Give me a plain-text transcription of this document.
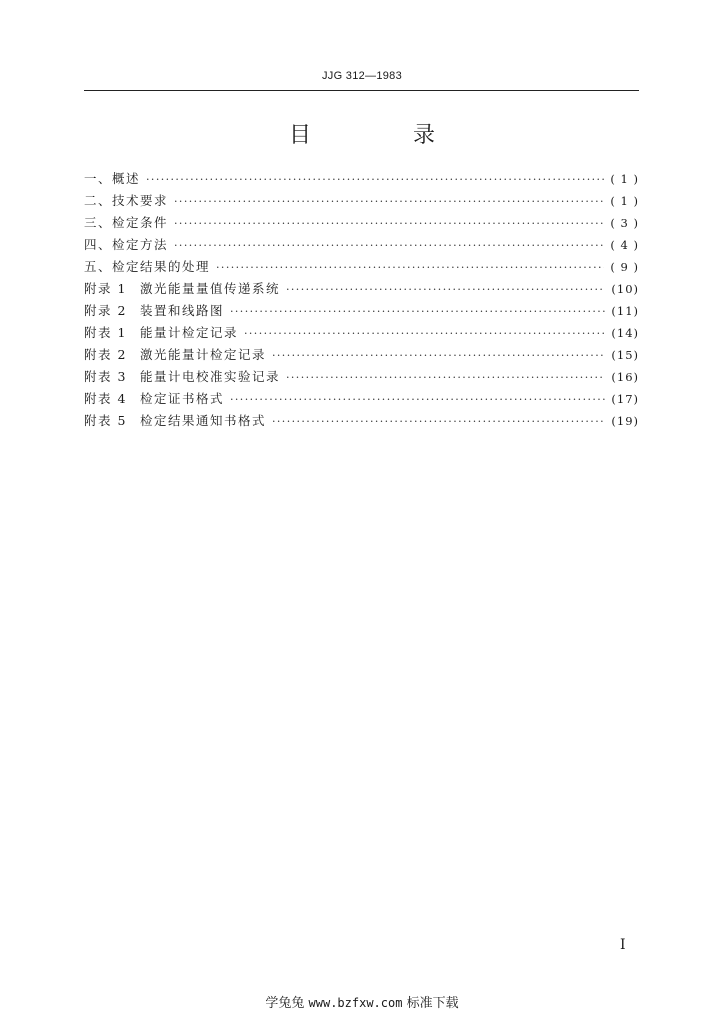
JJG 312—1983
目　录
一、 概述 ·····	( 1 )
二、 技术要求 ·····	( 1 )
三、 检定条件 ·····	( 3 )
四、 检定方法 ·····	( 4 )
五、 检定结果的处理 ·····	( 9 )
附录 1	激光能量量值传递系统 ·····	(10)
附录 2	装置和线路图 ·····	(11)
附表 1	能量计检定记录 ·····	(14)
附表 2	激光能量计检定记录 ·····	(15)
附表 3	能量计电校准实验记录 ·····	(16)
附表 4	检定证书格式 ·····	(17)
附表 5	检定结果通知书格式 ·····	(19)
I
学兔兔 www.bzfxw.com 标准下载
